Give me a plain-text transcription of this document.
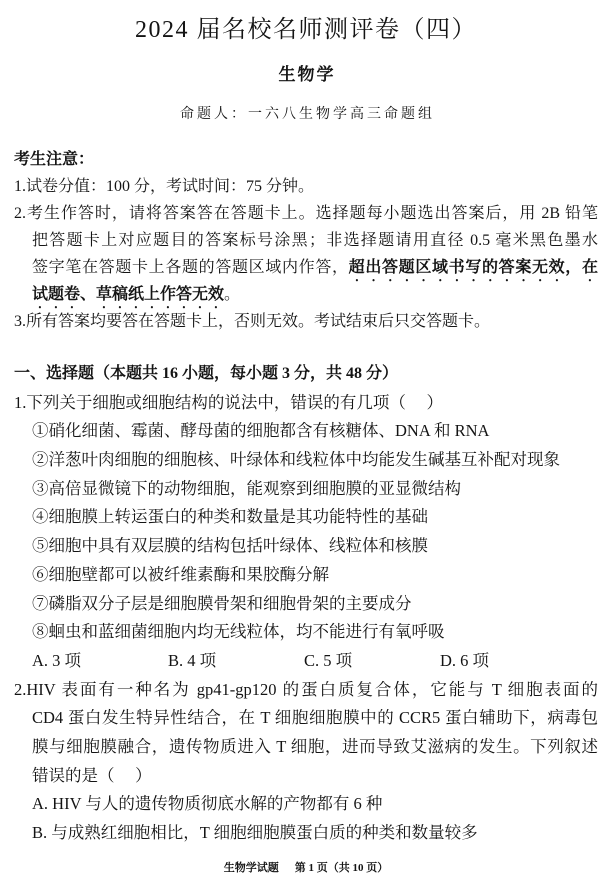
2024 届名校名师测评卷（四）
生物学
命题人：一六八生物学高三命题组
考生注意：
1.试卷分值：100 分，考试时间：75 分钟。
2.考生作答时，请将答案答在答题卡上。选择题每小题选出答案后，用 2B 铅笔
把答题卡上对应题目的答案标号涂黑；非选择题请用直径 0.5 毫米黑色墨水
签字笔在答题卡上各题的答题区域内作答，超出答题区域书写的答案无效，在
试题卷、草稿纸上作答无效。
3.所有答案均要答在答题卡上，否则无效。考试结束后只交答题卡。
一、选择题（本题共 16 小题，每小题 3 分，共 48 分）
1.下列关于细胞或细胞结构的说法中，错误的有几项（     ）
①硝化细菌、霉菌、酵母菌的细胞都含有核糖体、DNA 和 RNA
②洋葱叶肉细胞的细胞核、叶绿体和线粒体中均能发生碱基互补配对现象
③高倍显微镜下的动物细胞，能观察到细胞膜的亚显微结构
④细胞膜上转运蛋白的种类和数量是其功能特性的基础
⑤细胞中具有双层膜的结构包括叶绿体、线粒体和核膜
⑥细胞壁都可以被纤维素酶和果胶酶分解
⑦磷脂双分子层是细胞膜骨架和细胞骨架的主要成分
⑧蛔虫和蓝细菌细胞内均无线粒体，均不能进行有氧呼吸
A. 3 项	B. 4 项	C. 5 项	D. 6 项
2.HIV 表面有一种名为 gp41-gp120 的蛋白质复合体，它能与 T 细胞表面的
CD4 蛋白发生特异性结合，在 T 细胞细胞膜中的 CCR5 蛋白辅助下，病毒包
膜与细胞膜融合，遗传物质进入 T 细胞，进而导致艾滋病的发生。下列叙述
错误的是（     ）
A. HIV 与人的遗传物质彻底水解的产物都有 6 种
B. 与成熟红细胞相比，T 细胞细胞膜蛋白质的种类和数量较多
生物学试题 第 1 页（共 10 页）
